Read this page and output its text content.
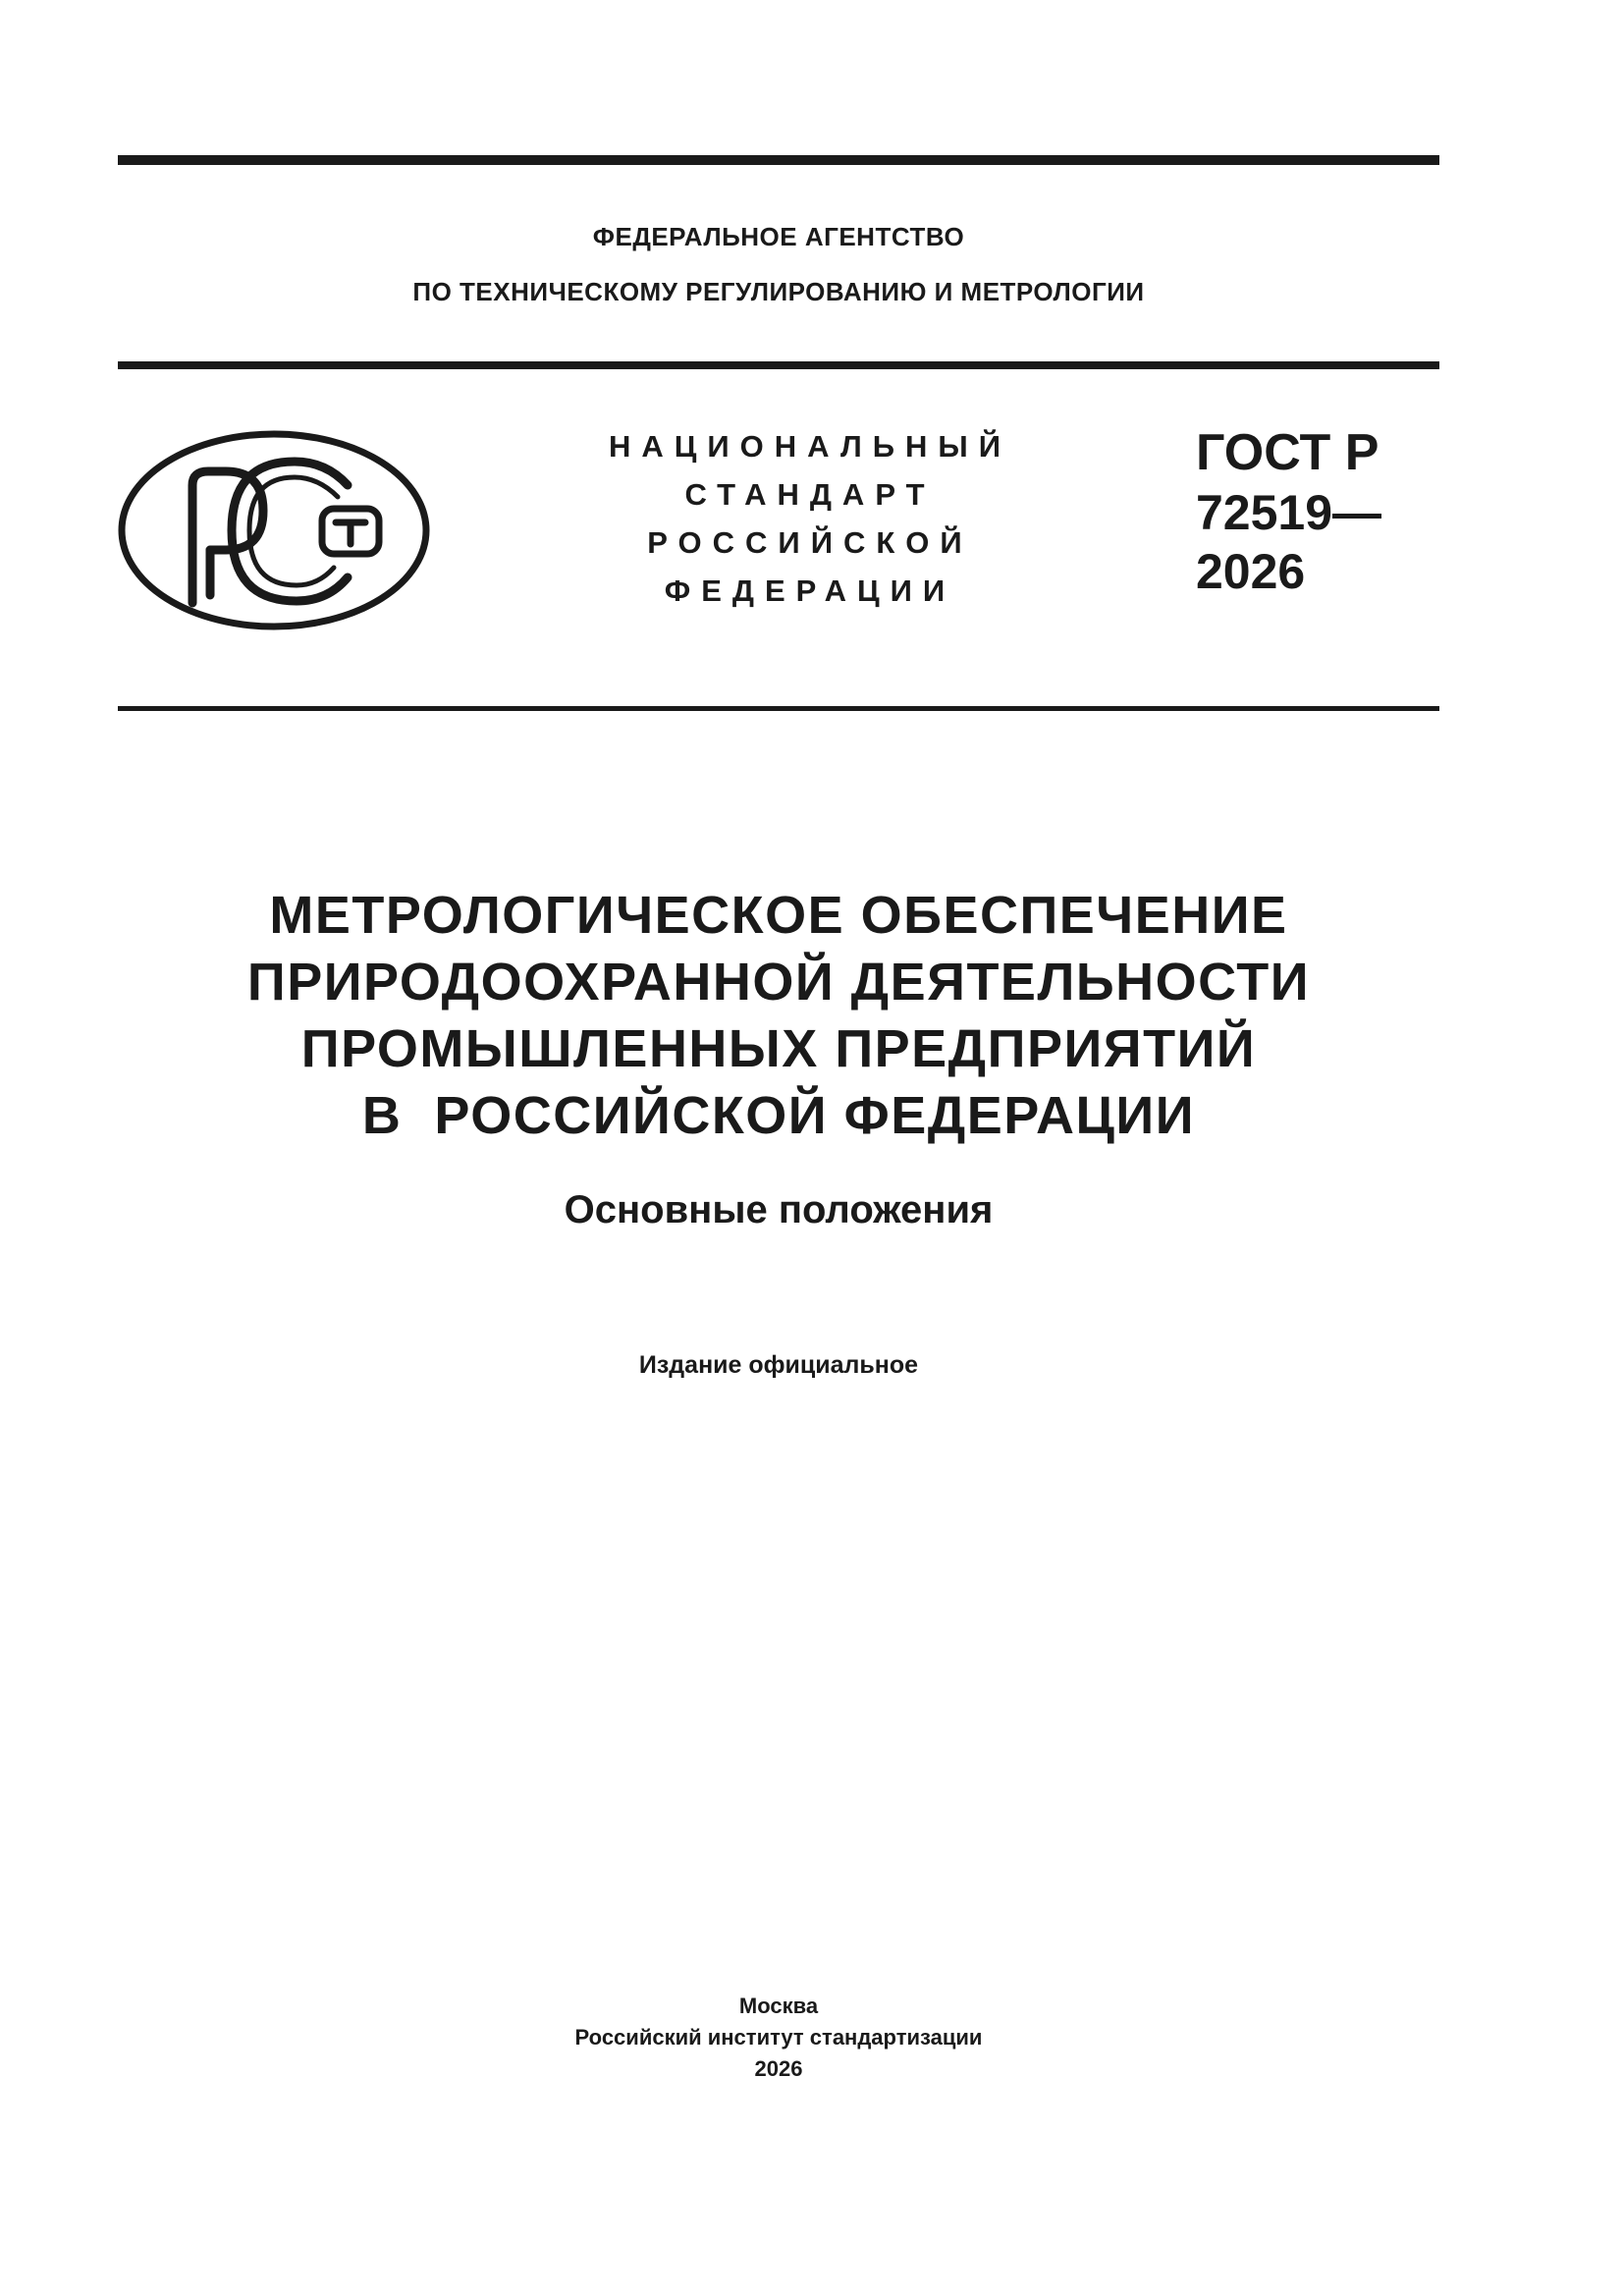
ФЕДЕРАЛЬНОЕ АГЕНТСТВО
ПО ТЕХНИЧЕСКОМУ РЕГУЛИРОВАНИЮ И МЕТРОЛОГИИ
НАЦИОНАЛЬНЫЙ
СТАНДАРТ
РОССИЙСКОЙ
ФЕДЕРАЦИИ
ГОСТ Р
72519—
2026
МЕТРОЛОГИЧЕСКОЕ ОБЕСПЕЧЕНИЕ
ПРИРОДООХРАННОЙ ДЕЯТЕЛЬНОСТИ
ПРОМЫШЛЕННЫХ ПРЕДПРИЯТИЙ
В  РОССИЙСКОЙ ФЕДЕРАЦИИ
Основные положения
Издание официальное
Москва
Российский институт стандартизации
2026
